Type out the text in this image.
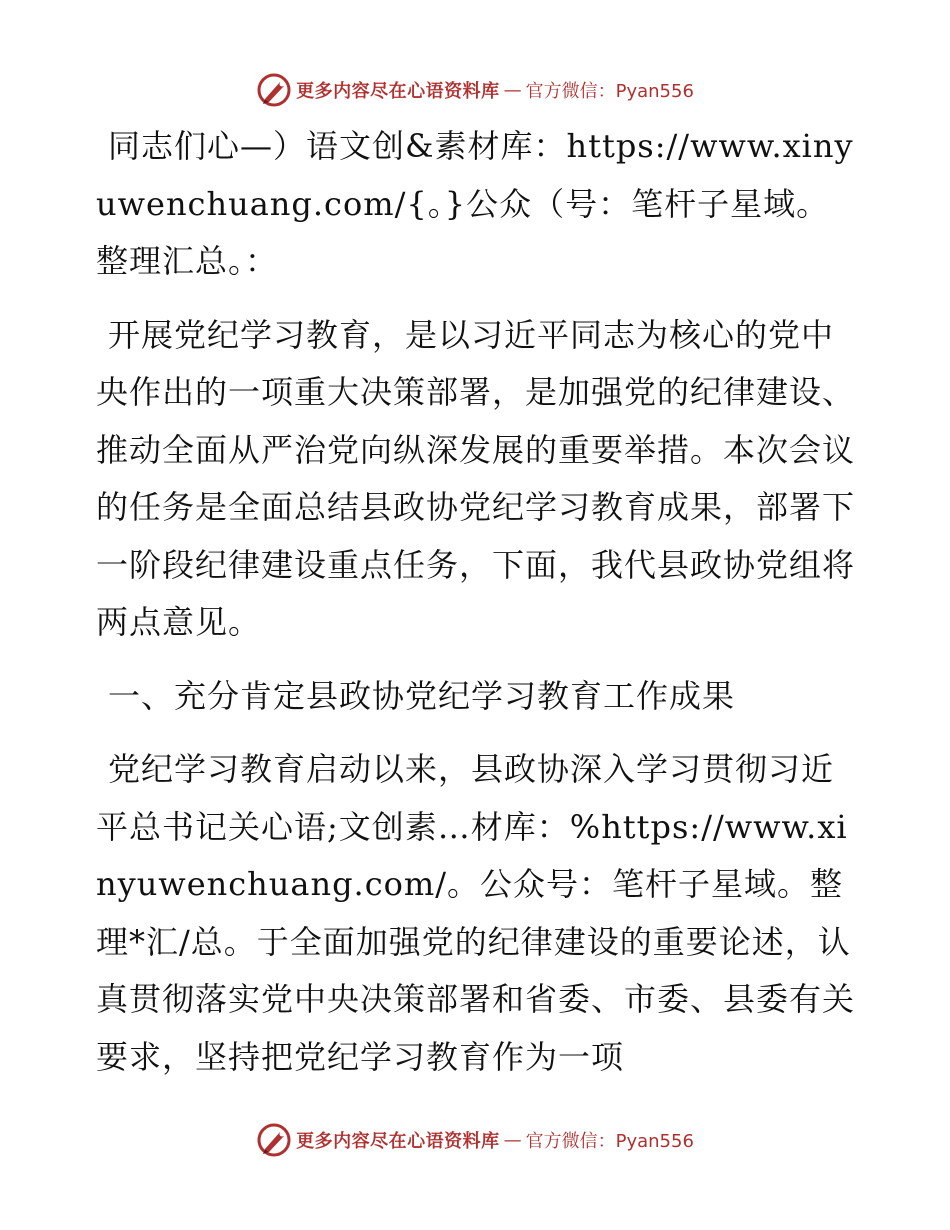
更多内容尽在心语资料库 — 官方微信：Pyan556

同志们心—）语文创&素材库：https://www.xinyuwenchuang.com/{。}公众（号：笔杆子星域。整理汇总。：

开展党纪学习教育，是以习近平同志为核心的党中央作出的一项重大决策部署，是加强党的纪律建设、推动全面从严治党向纵深发展的重要举措。本次会议的任务是全面总结县政协党纪学习教育成果，部署下一阶段纪律建设重点任务，下面，我代县政协党组将两点意见。

一、充分肯定县政协党纪学习教育工作成果

党纪学习教育启动以来，县政协深入学习贯彻习近平总书记关心语;文创素…材库：%https://www.xinyuwenchuang.com/。公众号：笔杆子星域。整理*汇/总。于全面加强党的纪律建设的重要论述，认真贯彻落实党中央决策部署和省委、市委、县委有关要求，坚持把党纪学习教育作为一项

更多内容尽在心语资料库 — 官方微信：Pyan556
